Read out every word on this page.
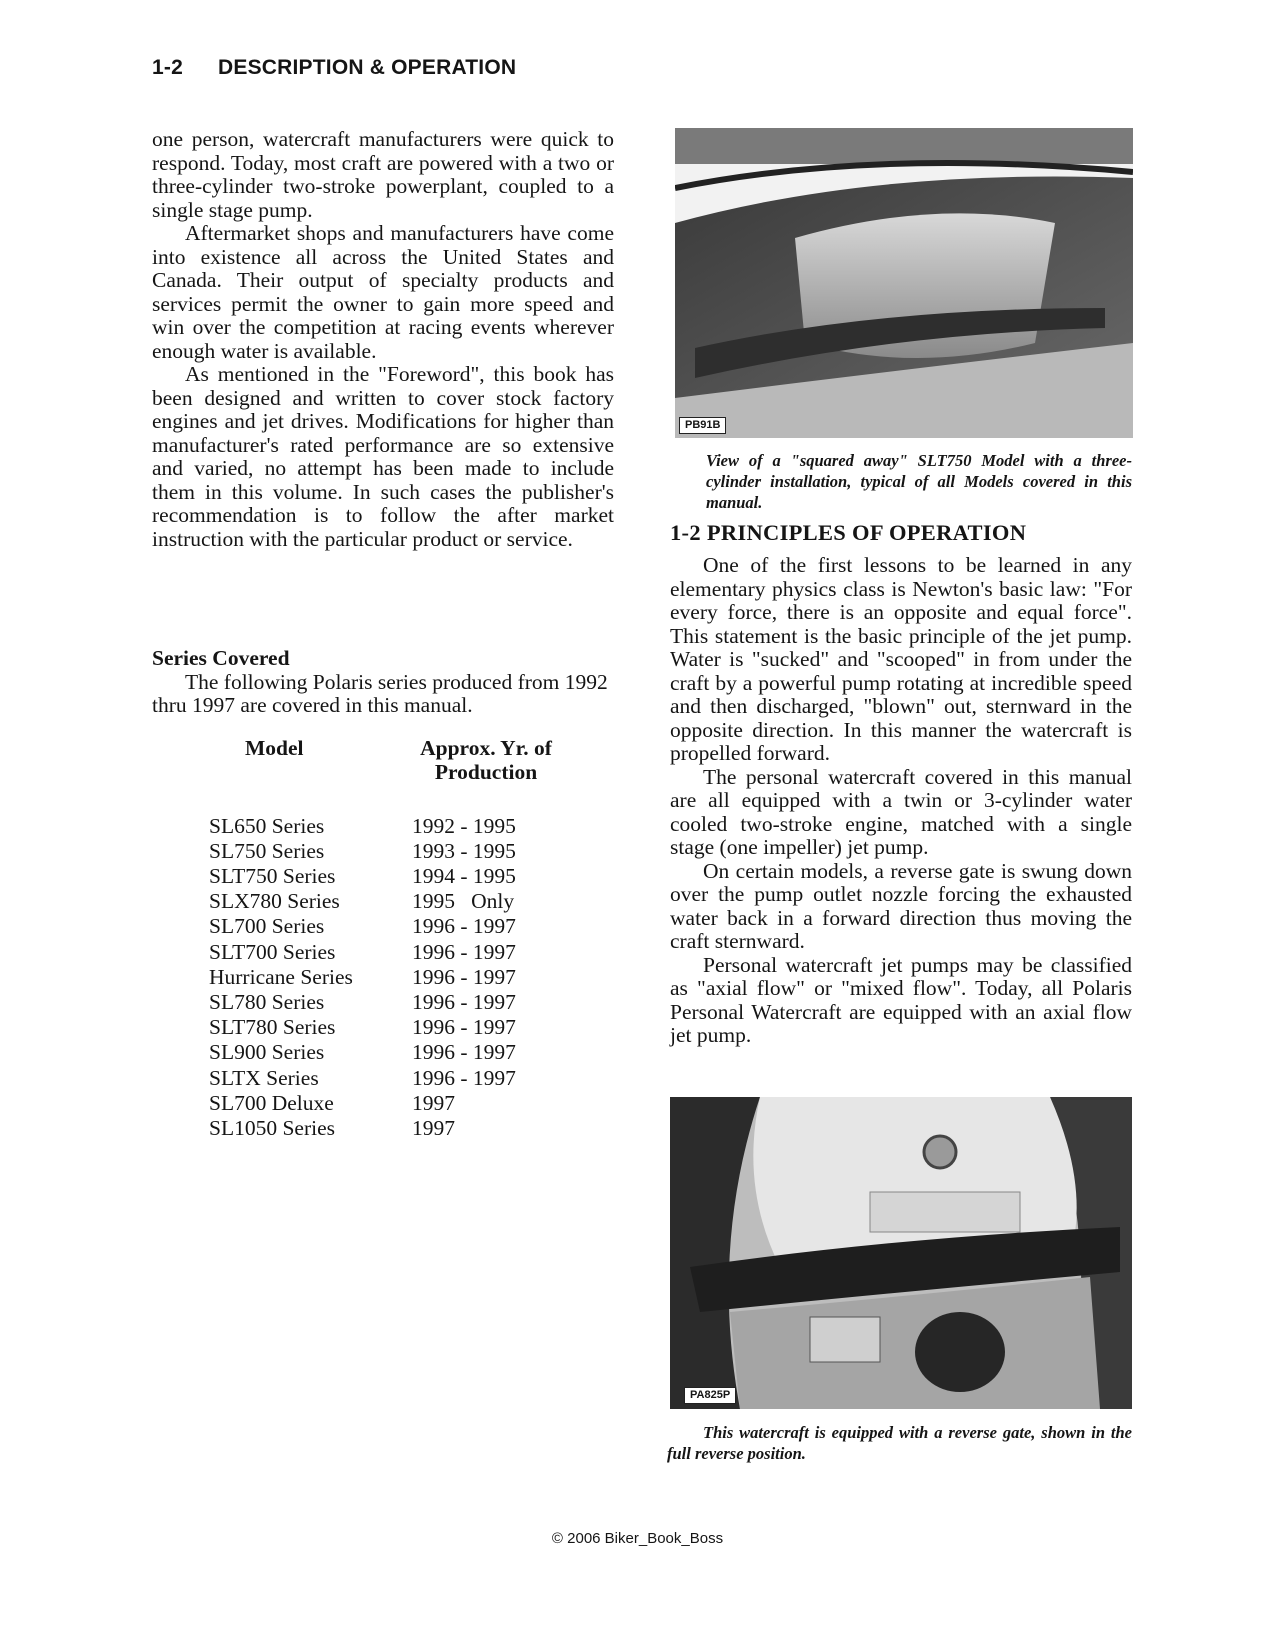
1-2 DESCRIPTION & OPERATION

one person, watercraft manufacturers were quick to respond. Today, most craft are powered with a two or three-cylinder two-stroke powerplant, coupled to a single stage pump.

Aftermarket shops and manufacturers have come into existence all across the United States and Canada. Their output of specialty products and services permit the owner to gain more speed and win over the competition at racing events wherever enough water is available.

As mentioned in the "Foreword", this book has been designed and written to cover stock factory engines and jet drives. Modifications for higher than manufacturer's rated performance are so extensive and varied, no attempt has been made to include them in this volume. In such cases the publisher's recommendation is to follow the after market instruction with the particular product or service.

Series Covered

The following Polaris series produced from 1992 thru 1997 are covered in this manual.

Model	Approx. Yr. of Production
SL650 Series	1992 - 1995
SL750 Series	1993 - 1995
SLT750 Series	1994 - 1995
SLX780 Series	1995   Only
SL700 Series	1996 - 1997
SLT700 Series	1996 - 1997
Hurricane Series	1996 - 1997
SL780 Series	1996 - 1997
SLT780 Series	1996 - 1997
SL900 Series	1996 - 1997
SLTX Series	1996 - 1997
SL700 Deluxe	1997
SL1050 Series	1997
PB91B

View of a "squared away" SLT750 Model with a three-cylinder installation, typical of all Models covered in this manual.

1-2 PRINCIPLES OF OPERATION

One of the first lessons to be learned in any elementary physics class is Newton's basic law: "For every force, there is an opposite and equal force". This statement is the basic principle of the jet pump. Water is "sucked" and "scooped" in from under the craft by a powerful pump rotating at incredible speed and then discharged, "blown" out, sternward in the opposite direction. In this manner the watercraft is propelled forward.

The personal watercraft covered in this manual are all equipped with a twin or 3-cylinder water cooled two-stroke engine, matched with a single stage (one impeller) jet pump.

On certain models, a reverse gate is swung down over the pump outlet nozzle forcing the exhausted water back in a forward direction thus moving the craft sternward.

Personal watercraft jet pumps may be classified as "axial flow" or "mixed flow". Today, all Polaris Personal Watercraft are equipped with an axial flow jet pump.

PA825P

This watercraft is equipped with a reverse gate, shown in the full reverse position.

© 2006 Biker_Book_Boss
